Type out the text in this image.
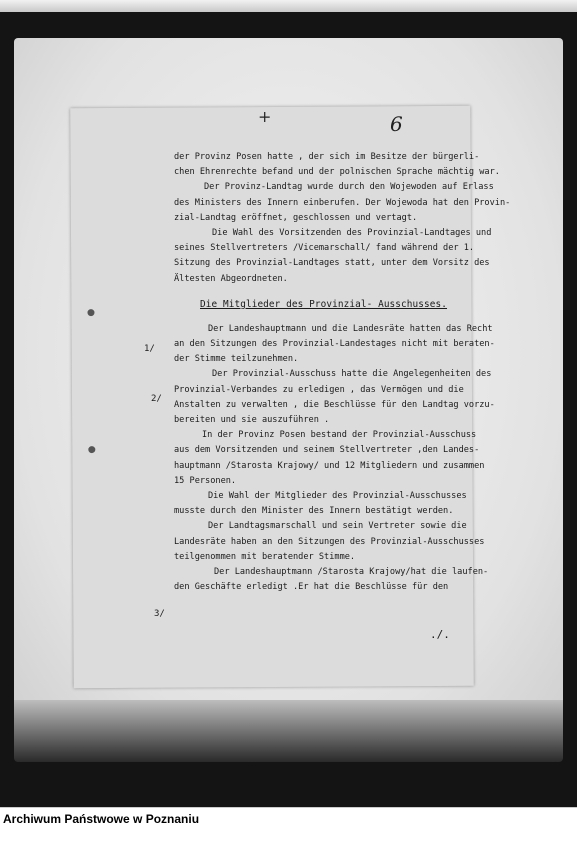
+	6
der Provinz Posen hatte , der sich im Besitze der bürgerli-
chen Ehrenrechte befand und der polnischen Sprache mächtig war.
Der Provinz-Landtag wurde durch den Wojewoden auf Erlass
des Ministers des Innern einberufen. Der Wojewoda hat den Provin-
zial-Landtag eröffnet, geschlossen und vertagt.
Die Wahl des Vorsitzenden des Provinzial-Landtages und
seines Stellvertreters /Vicemarschall/ fand während der 1.
Sitzung des Provinzial-Landtages statt, unter dem Vorsitz des
Ältesten Abgeordneten.
Die Mitglieder des Provinzial- Ausschusses.
Der Landeshauptmann und die Landesräte hatten das Recht
an den Sitzungen des Provinzial-Landestages nicht mit beraten-
der Stimme teilzunehmen.
Der Provinzial-Ausschuss hatte die Angelegenheiten des
Provinzial-Verbandes zu erledigen , das Vermögen und die
Anstalten zu verwalten , die Beschlüsse für den Landtag vorzu-
bereiten und sie auszuführen .
In der Provinz Posen bestand der Provinzial-Ausschuss
aus dem Vorsitzenden und seinem Stellvertreter ,den Landes-
hauptmann /Starosta Krajowy/ und 12 Mitgliedern und zusammen
15 Personen.
Die Wahl der Mitglieder des Provinzial-Ausschusses
musste durch den Minister des Innern bestätigt werden.
Der Landtagsmarschall und sein Vertreter sowie die
Landesräte haben an den Sitzungen des Provinzial-Ausschusses
teilgenommen mit beratender Stimme.
Der Landeshauptmann /Starosta Krajowy/hat die laufen-
den Geschäfte erledigt .Er hat die Beschlüsse für den
1/
2/
3/
./.
Archiwum Państwowe w Poznaniu
